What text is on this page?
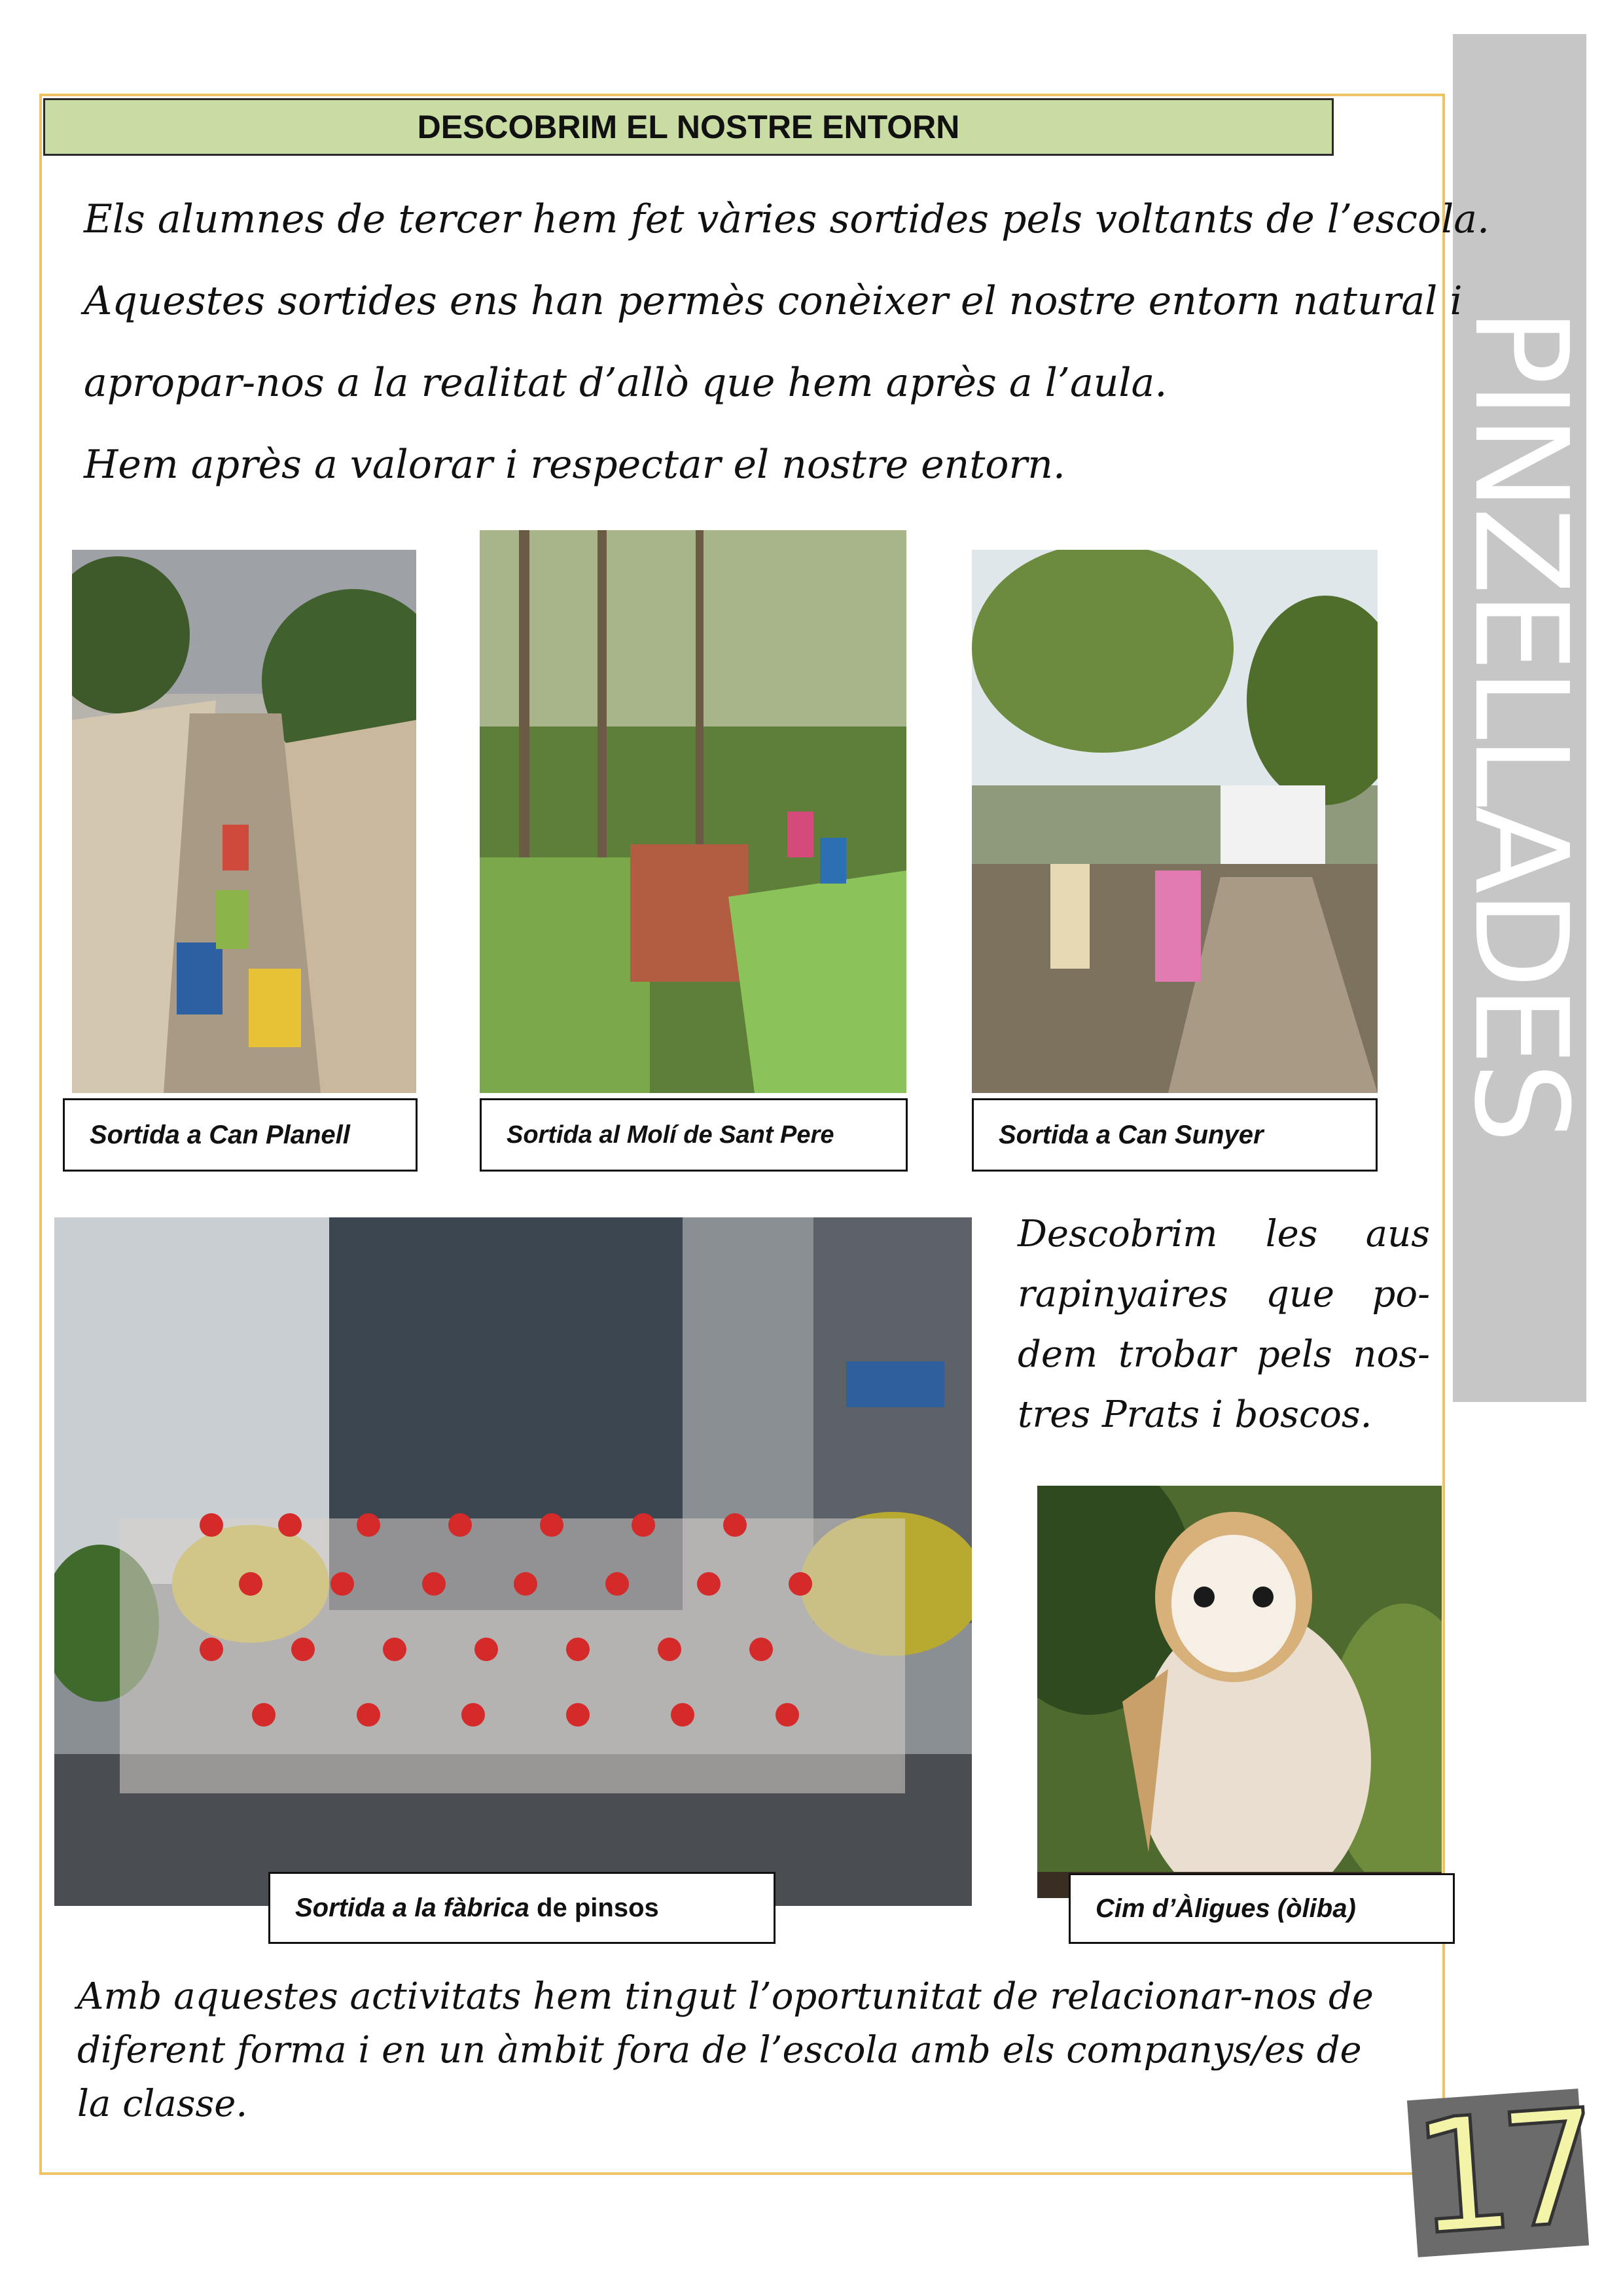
DESCOBRIM EL NOSTRE ENTORN
PINZELLADES

Els alumnes de tercer hem fet vàries sortides pels voltants de l’escola.

Aquestes sortides ens han permès conèixer el nostre entorn natural i

apropar-nos a la realitat d’allò que hem après a l’aula.

Hem après a valorar i respectar el nostre entorn.

Sortida a Can Planell	Sortida al Molí de Sant Pere	Sortida a Can Sunyer
Sortida a la fàbrica
de pinsos
Descobrim les aus
rapinyaires que po-
dem trobar pels nos-
tres Prats i boscos.
Cim d’Àligues (òliba)
Amb aquestes activitats hem tingut l’oportunitat de relacionar-nos de
diferent forma i en un àmbit fora de l’escola amb els companys/es de
la classe.	17
